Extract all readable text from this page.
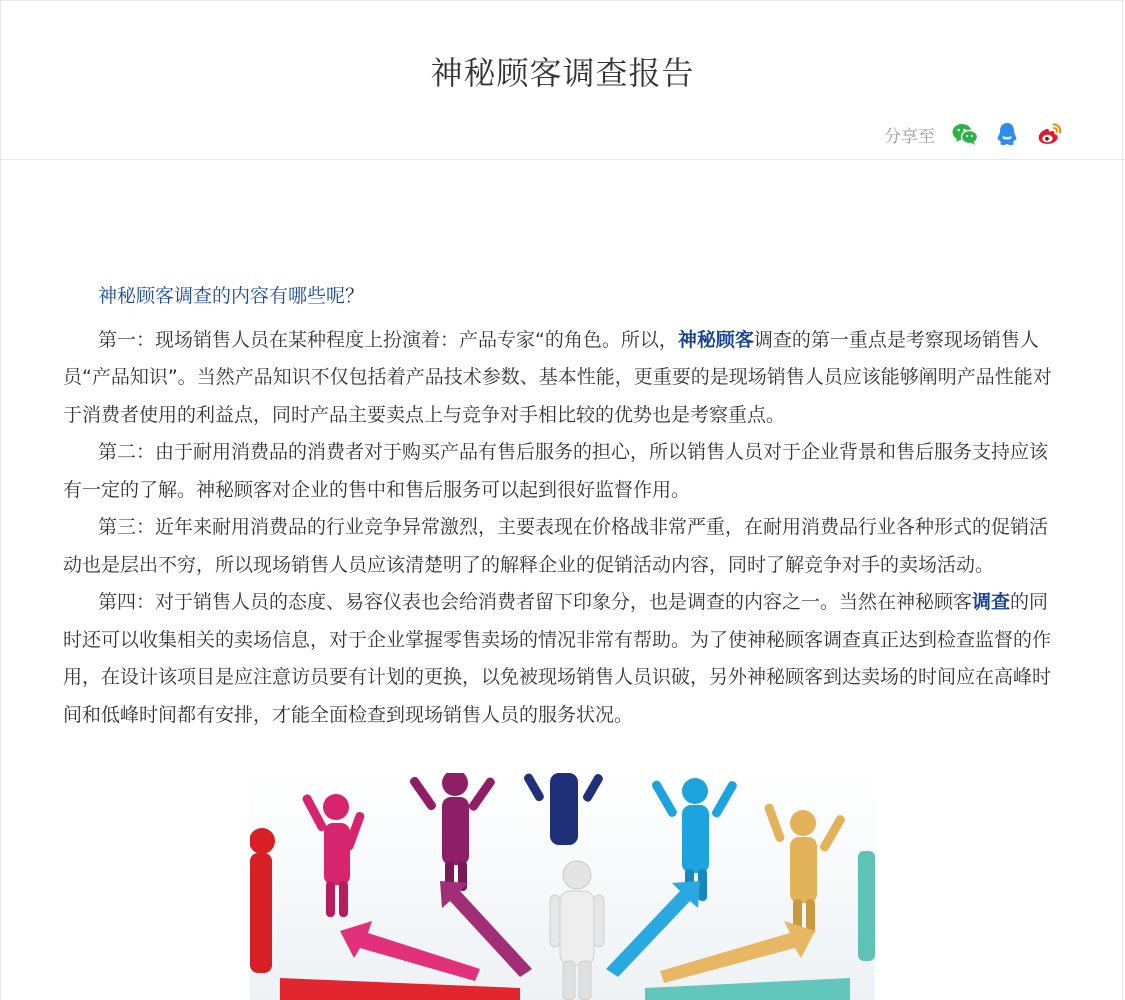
神秘顾客调查报告
分享至

神秘顾客调查的内容有哪些呢？

第一：现场销售人员在某种程度上扮演着：产品专家“的角色。所以，神秘顾客调查的第一重点是考察现场销售人员“产品知识”。当然产品知识不仅包括着产品技术参数、基本性能，更重要的是现场销售人员应该能够阐明产品性能对于消费者使用的利益点，同时产品主要卖点上与竞争对手相比较的优势也是考察重点。

第二：由于耐用消费品的消费者对于购买产品有售后服务的担心，所以销售人员对于企业背景和售后服务支持应该有一定的了解。神秘顾客对企业的售中和售后服务可以起到很好监督作用。

第三：近年来耐用消费品的行业竞争异常激烈，主要表现在价格战非常严重，在耐用消费品行业各种形式的促销活动也是层出不穷，所以现场销售人员应该清楚明了的解释企业的促销活动内容，同时了解竞争对手的卖场活动。

第四：对于销售人员的态度、易容仪表也会给消费者留下印象分，也是调查的内容之一。当然在神秘顾客调查的同时还可以收集相关的卖场信息，对于企业掌握零售卖场的情况非常有帮助。为了使神秘顾客调查真正达到检查监督的作用，在设计该项目是应注意访员要有计划的更换，以免被现场销售人员识破，另外神秘顾客到达卖场的时间应在高峰时间和低峰时间都有安排，才能全面检查到现场销售人员的服务状况。
